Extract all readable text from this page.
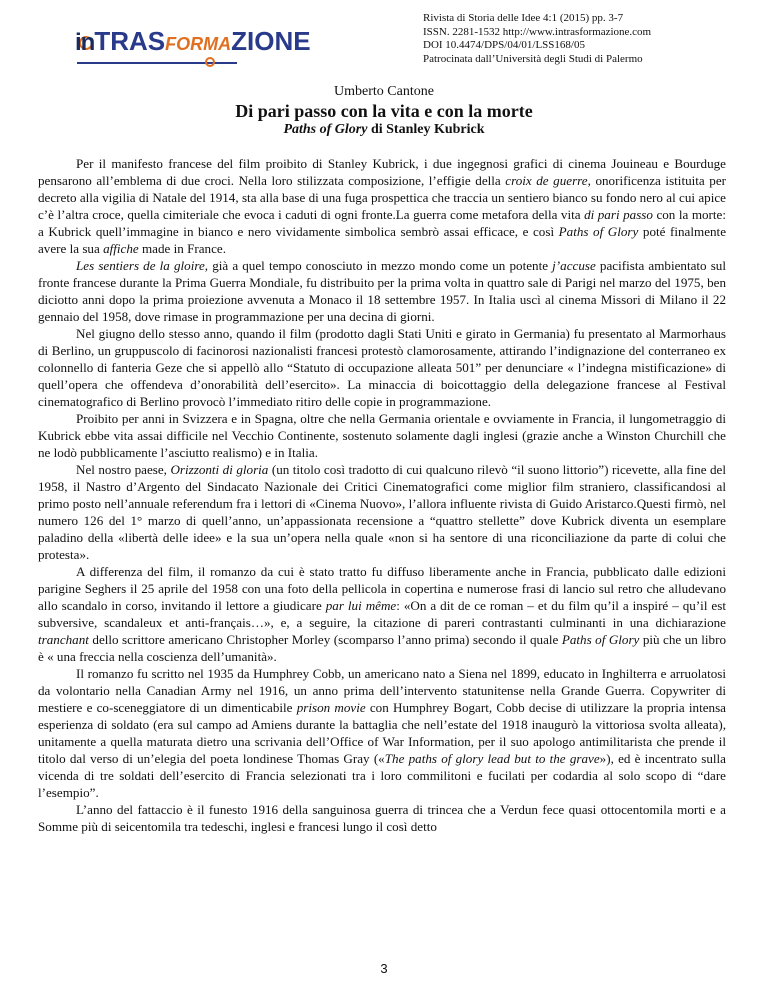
inTRASFORMAZIONE
Rivista di Storia delle Idee 4:1 (2015) pp. 3-7
ISSN. 2281-1532 http://www.intrasformazione.com
DOI 10.4474/DPS/04/01/LSS168/05
Patrocinata dall’Università degli Studi di Palermo
Umberto Cantone
Di pari passo con la vita e con la morte
Paths of Glory di Stanley Kubrick

Per il manifesto francese del film proibito di Stanley Kubrick, i due ingegnosi grafici di cinema Jouineau e Bourduge pensarono all’emblema di due croci. Nella loro stilizzata composizione, l’effigie della croix de guerre, onorificenza istituita per decreto alla vigilia di Natale del 1914, sta alla base di una fuga prospettica che traccia un sentiero bianco su fondo nero al cui apice c’è l’altra croce, quella cimiteriale che evoca i caduti di ogni fronte.La guerra come metafora della vita di pari passo con la morte: a Kubrick quell’immagine in bianco e nero vividamente simbolica sembrò assai efficace, e così Paths of Glory poté finalmente avere la sua affiche made in France.

Les sentiers de la gloire, già a quel tempo conosciuto in mezzo mondo come un potente j’accuse pacifista ambientato sul fronte francese durante la Prima Guerra Mondiale, fu distribuito per la prima volta in quattro sale di Parigi nel marzo del 1975, ben diciotto anni dopo la prima proiezione avvenuta a Monaco il 18 settembre 1957. In Italia uscì al cinema Missori di Milano il 22 gennaio del 1958, dove rimase in programmazione per una decina di giorni.

Nel giugno dello stesso anno, quando il film (prodotto dagli Stati Uniti e girato in Germania) fu presentato al Marmorhaus di Berlino, un gruppuscolo di facinorosi nazionalisti francesi protestò clamorosamente, attirando l’indignazione del conterraneo ex colonnello di fanteria Geze che si appellò allo “Statuto di occupazione alleata 501” per denunciare « l’indegna mistificazione» di quell’opera che offendeva d’onorabilità dell’esercito». La minaccia di boicottaggio della delegazione francese al Festival cinematografico di Berlino provocò l’immediato ritiro delle copie in programmazione.

Proibito per anni in Svizzera e in Spagna, oltre che nella Germania orientale e ovviamente in Francia, il lungometraggio di Kubrick ebbe vita assai difficile nel Vecchio Continente, sostenuto solamente dagli inglesi (grazie anche a Winston Churchill che ne lodò pubblicamente l’asciutto realismo) e in Italia.

Nel nostro paese, Orizzonti di gloria (un titolo così tradotto di cui qualcuno rilevò “il suono littorio”) ricevette, alla fine del 1958, il Nastro d’Argento del Sindacato Nazionale dei Critici Cinematografici come miglior film straniero, classificandosi al primo posto nell’annuale referendum fra i lettori di «Cinema Nuovo», l’allora influente rivista di Guido Aristarco.Questi firmò, nel numero 126 del 1° marzo di quell’anno, un’appassionata recensione a “quattro stellette” dove Kubrick diventa un esemplare paladino della «libertà delle idee» e la sua un’opera nella quale «non si ha sentore di una riconciliazione da parte di colui che protesta».

A differenza del film, il romanzo da cui è stato tratto fu diffuso liberamente anche in Francia, pubblicato dalle edizioni parigine Seghers il 25 aprile del 1958 con una foto della pellicola in copertina e numerose frasi di lancio sul retro che alludevano allo scandalo in corso, invitando il lettore a giudicare par lui même: «On a dit de ce roman – et du film qu’il a inspiré – qu’il est subversive, scandaleux et anti-français…», e, a seguire, la citazione di pareri contrastanti culminanti in una dichiarazione tranchant dello scrittore americano Christopher Morley (scomparso l’anno prima) secondo il quale Paths of Glory più che un libro è « una freccia nella coscienza dell’umanità».

Il romanzo fu scritto nel 1935 da Humphrey Cobb, un americano nato a Siena nel 1899, educato in Inghilterra e arruolatosi da volontario nella Canadian Army nel 1916, un anno prima dell’intervento statunitense nella Grande Guerra. Copywriter di mestiere e co-sceneggiatore di un dimenticabile prison movie con Humphrey Bogart, Cobb decise di utilizzare la propria intensa esperienza di soldato (era sul campo ad Amiens durante la battaglia che nell’estate del 1918 inaugurò la vittoriosa svolta alleata), unitamente a quella maturata dietro una scrivania dell’Office of War Information, per il suo apologo antimilitarista che prende il titolo dal verso di un’elegia del poeta londinese Thomas Gray («The paths of glory lead but to the grave»), ed è incentrato sulla vicenda di tre soldati dell’esercito di Francia selezionati tra i loro commilitoni e fucilati per codardia al solo scopo di “dare l’esempio”.

L’anno del fattaccio è il funesto 1916 della sanguinosa guerra di trincea che a Verdun fece quasi ottocentomila morti e a Somme più di seicentomila tra tedeschi, inglesi e francesi lungo il così detto

3
